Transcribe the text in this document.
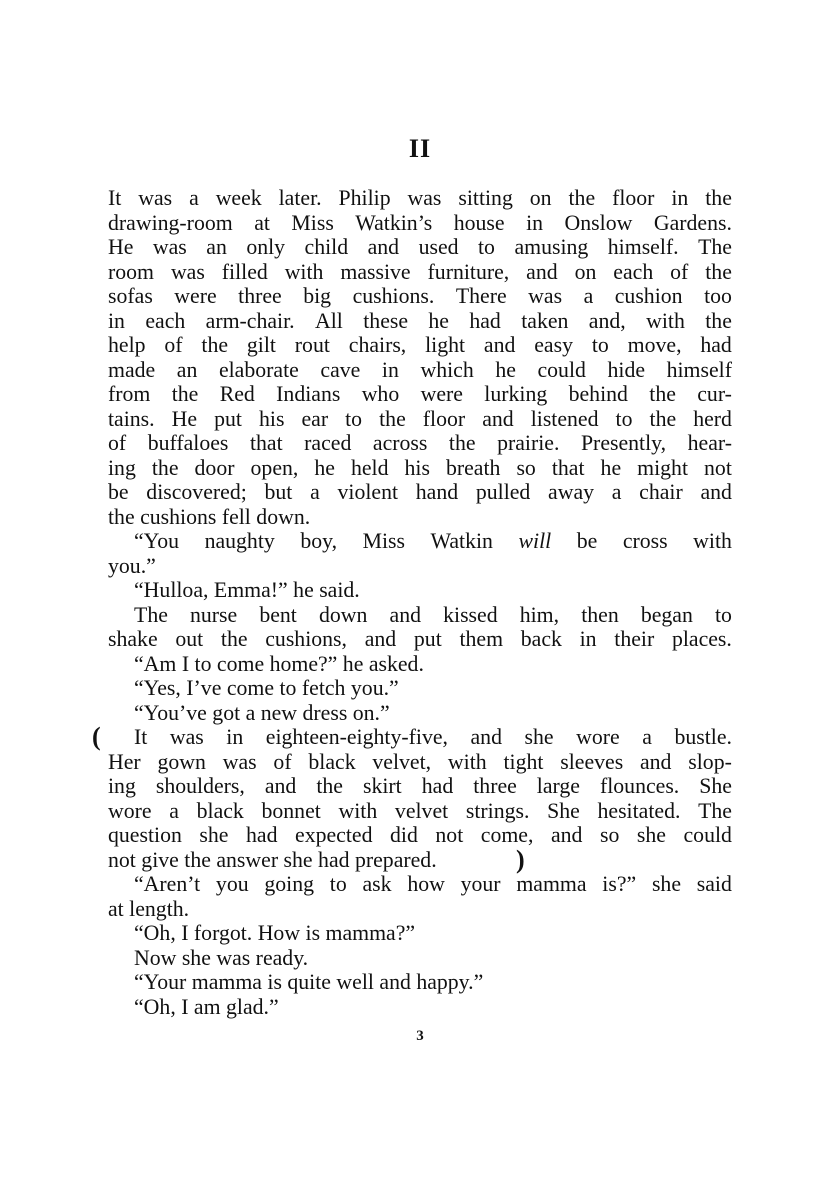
II
It was a week later. Philip was sitting on the floor in the
drawing-room at Miss Watkin’s house in Onslow Gardens.
He was an only child and used to amusing himself. The
room was filled with massive furniture, and on each of the
sofas were three big cushions. There was a cushion too
in each arm-chair. All these he had taken and, with the
help of the gilt rout chairs, light and easy to move, had
made an elaborate cave in which he could hide himself
from the Red Indians who were lurking behind the cur-
tains. He put his ear to the floor and listened to the herd
of buffaloes that raced across the prairie. Presently, hear-
ing the door open, he held his breath so that he might not
be discovered; but a violent hand pulled away a chair and
the cushions fell down.
“You naughty boy, Miss Watkin will be cross with
you.”
“Hulloa, Emma!” he said.
The nurse bent down and kissed him, then began to
shake out the cushions, and put them back in their places.
“Am I to come home?” he asked.
“Yes, I’ve come to fetch you.”
“You’ve got a new dress on.”
It was in eighteen-eighty-five, and she wore a bustle.
Her gown was of black velvet, with tight sleeves and slop-
ing shoulders, and the skirt had three large flounces. She
wore a black bonnet with velvet strings. She hesitated. The
question she had expected did not come, and so she could
not give the answer she had prepared.
“Aren’t you going to ask how your mamma is?” she said
at length.
“Oh, I forgot. How is mamma?”
Now she was ready.
“Your mamma is quite well and happy.”
“Oh, I am glad.”
(
)
3
